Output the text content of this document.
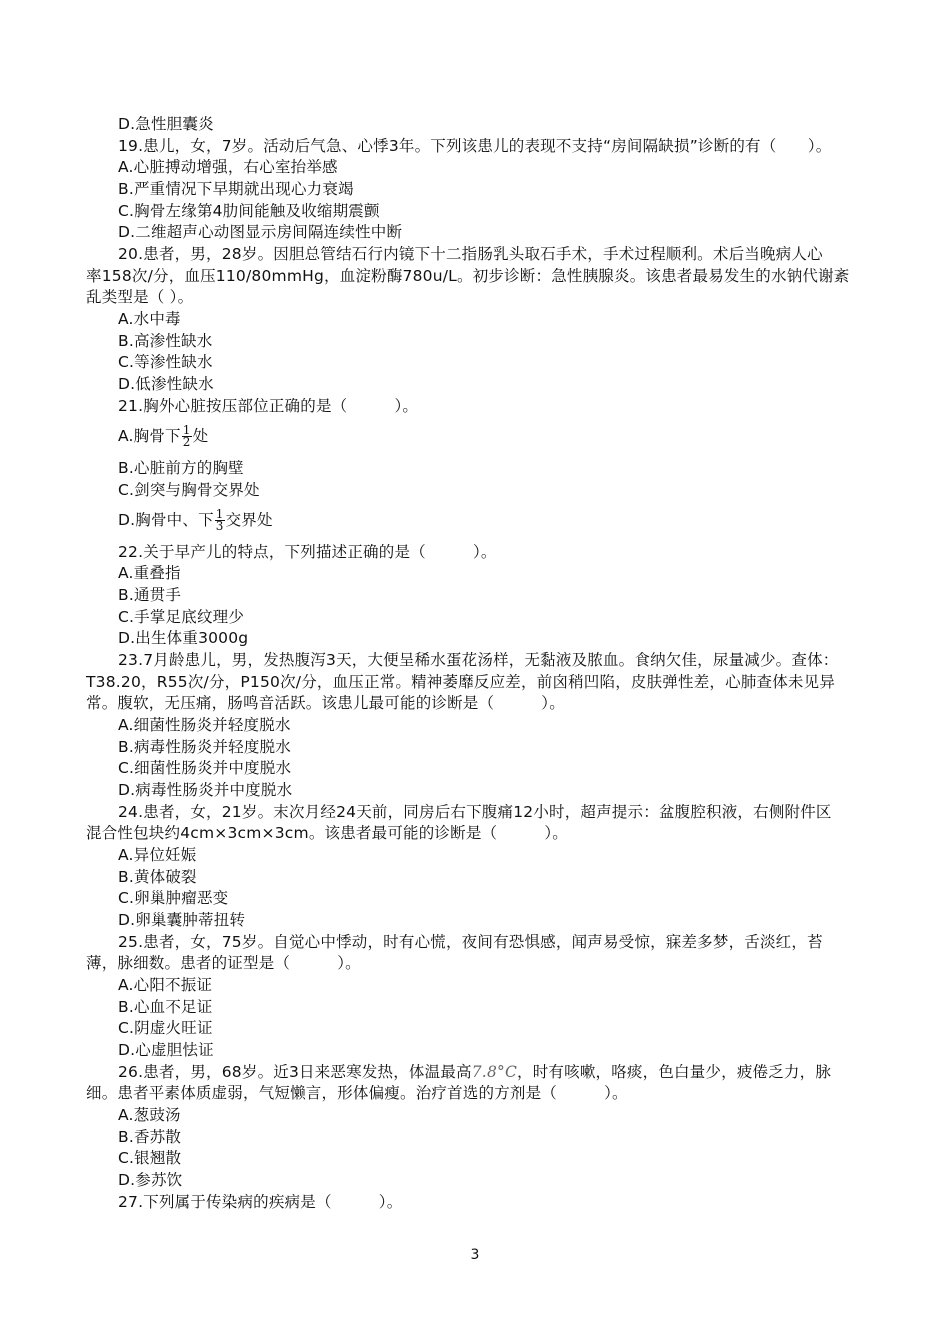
D.急性胆囊炎
19.患儿，女，7岁。活动后气急、心悸3年。下列该患儿的表现不支持“房间隔缺损”诊断的有（　　）。
A.心脏搏动增强，右心室抬举感
B.严重情况下早期就出现心力衰竭
C.胸骨左缘第4肋间能触及收缩期震颤
D.二维超声心动图显示房间隔连续性中断
20.患者，男，28岁。因胆总管结石行内镜下十二指肠乳头取石手术，手术过程顺利。术后当晚病人心
率158次/分，血压110/80mmHg，血淀粉酶780u/L。初步诊断：急性胰腺炎。该患者最易发生的水钠代谢紊
乱类型是（ ）。
A.水中毒
B.高渗性缺水
C.等渗性缺水
D.低渗性缺水
21.胸外心脏按压部位正确的是（　　　）。
A.胸骨下 $\frac{1}{2}$ 处
B.心脏前方的胸壁
C.剑突与胸骨交界处
D.胸骨中、下 $\frac{1}{3}$ 交界处
22.关于早产儿的特点，下列描述正确的是（　　　）。
A.重叠指
B.通贯手
C.手掌足底纹理少
D.出生体重3000g
23.7月龄患儿，男，发热腹泻3天，大便呈稀水蛋花汤样，无黏液及脓血。食纳欠佳，尿量减少。查体：
T38.20，R55次/分，P150次/分，血压正常。精神萎靡反应差，前囟稍凹陷，皮肤弹性差，心肺查体未见异
常。腹软，无压痛，肠鸣音活跃。该患儿最可能的诊断是（　　　）。
A.细菌性肠炎并轻度脱水
B.病毒性肠炎并轻度脱水
C.细菌性肠炎并中度脱水
D.病毒性肠炎并中度脱水
24.患者，女，21岁。末次月经24天前，同房后右下腹痛12小时，超声提示：盆腹腔积液，右侧附件区
混合性包块约4cm×3cm×3cm。该患者最可能的诊断是（　　　）。
A.异位妊娠
B.黄体破裂
C.卵巢肿瘤恶变
D.卵巢囊肿蒂扭转
25.患者，女，75岁。自觉心中悸动，时有心慌，夜间有恐惧感，闻声易受惊，寐差多梦，舌淡红，苔
薄，脉细数。患者的证型是（　　　）。
A.心阳不振证
B.心血不足证
C.阴虚火旺证
D.心虚胆怯证
26.患者，男，68岁。近3日来恶寒发热，体温最高7.8°C，时有咳嗽，咯痰，色白量少，疲倦乏力，脉
细。患者平素体质虚弱，气短懒言，形体偏瘦。治疗首选的方剂是（　　　）。
A.葱豉汤
B.香苏散
C.银翘散
D.参苏饮
27.下列属于传染病的疾病是（　　　）。
3
